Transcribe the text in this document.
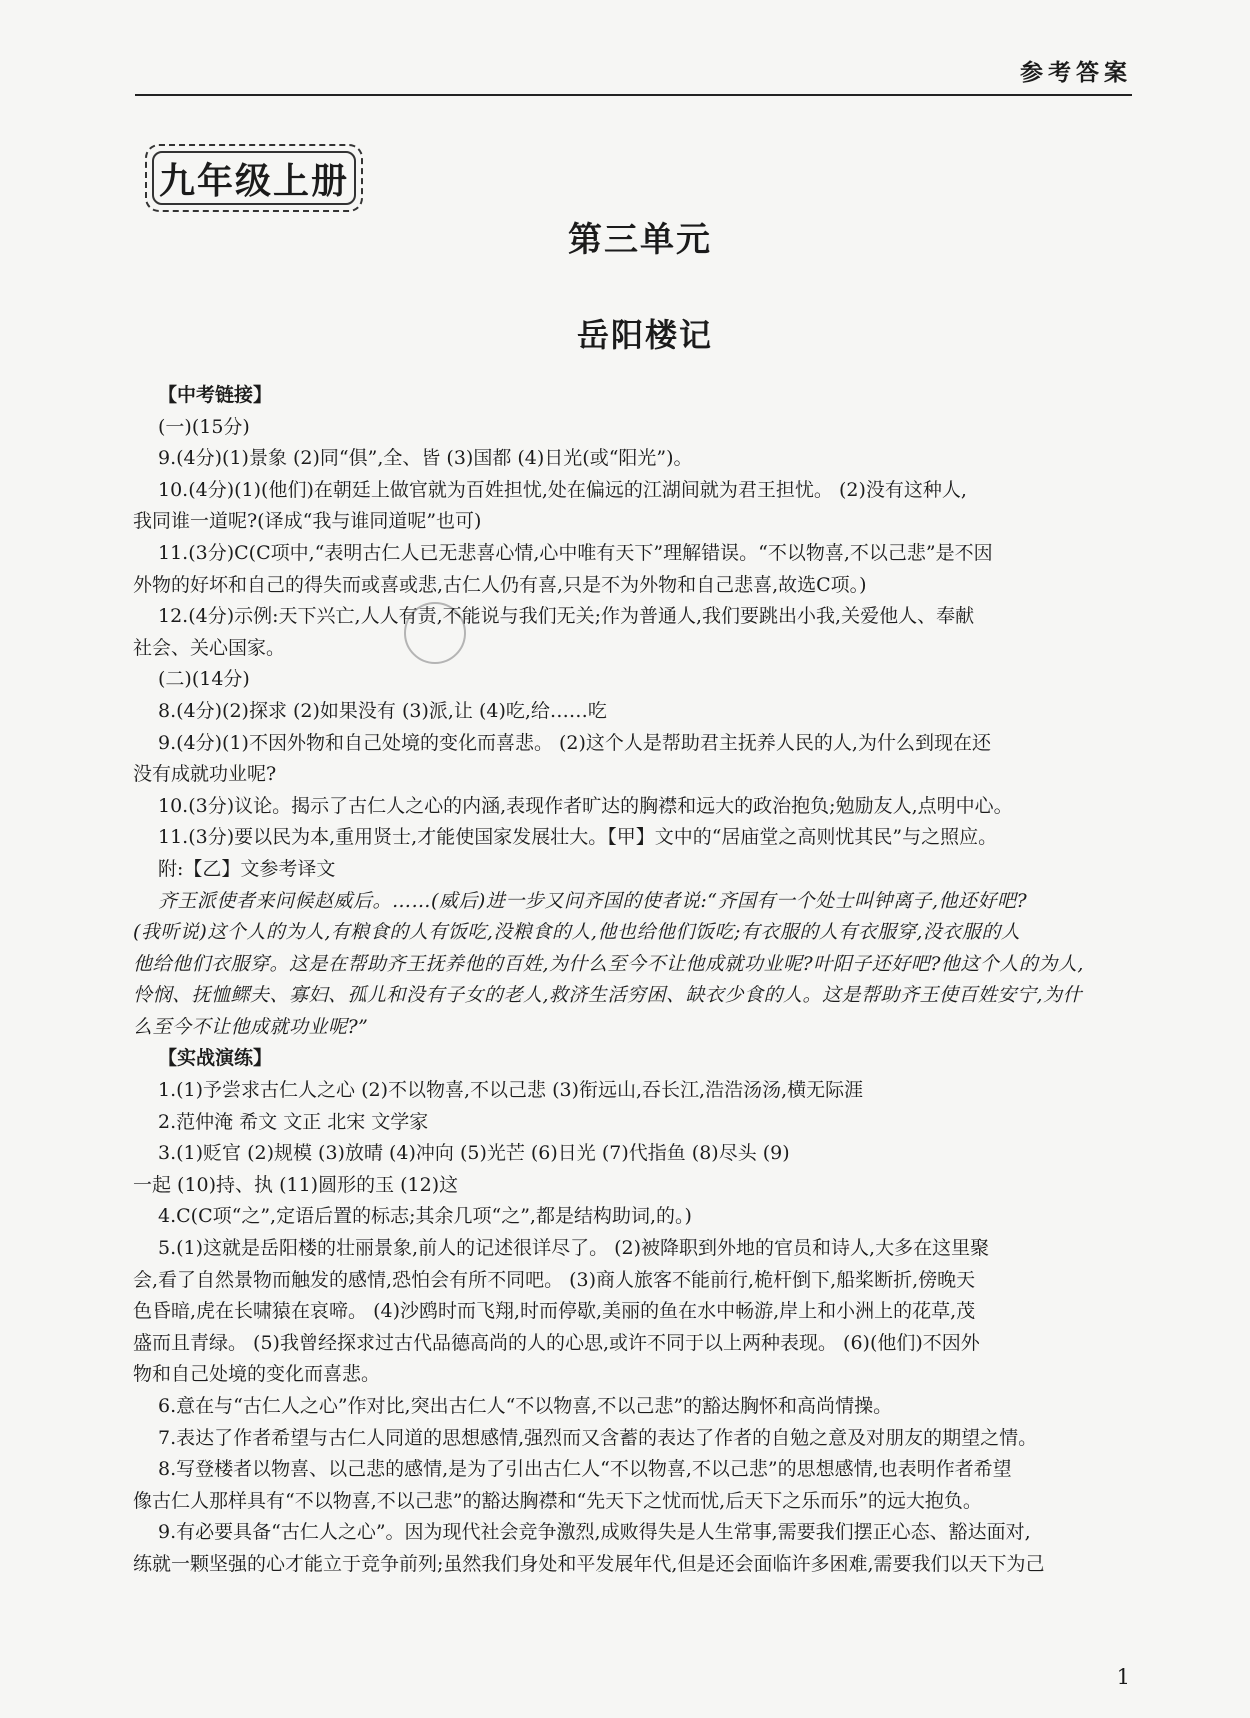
参考答案
九年级上册
第三单元
岳阳楼记
【中考链接】
(一)(15分)
9.(4分)(1)景象 (2)同“俱”,全、皆 (3)国都 (4)日光(或“阳光”)。
10.(4分)(1)(他们)在朝廷上做官就为百姓担忧,处在偏远的江湖间就为君王担忧。 (2)没有这种人,
我同谁一道呢?(译成“我与谁同道呢”也可)
11.(3分)C(C项中,“表明古仁人已无悲喜心情,心中唯有天下”理解错误。“不以物喜,不以己悲”是不因
外物的好坏和自己的得失而或喜或悲,古仁人仍有喜,只是不为外物和自己悲喜,故选C项。)
12.(4分)示例:天下兴亡,人人有责,不能说与我们无关;作为普通人,我们要跳出小我,关爱他人、奉献
社会、关心国家。
(二)(14分)
8.(4分)(2)探求 (2)如果没有 (3)派,让 (4)吃,给……吃
9.(4分)(1)不因外物和自己处境的变化而喜悲。 (2)这个人是帮助君主抚养人民的人,为什么到现在还
没有成就功业呢?
10.(3分)议论。揭示了古仁人之心的内涵,表现作者旷达的胸襟和远大的政治抱负;勉励友人,点明中心。
11.(3分)要以民为本,重用贤士,才能使国家发展壮大。【甲】文中的“居庙堂之高则忧其民”与之照应。
附:【乙】文参考译文
齐王派使者来问候赵威后。……(威后)进一步又问齐国的使者说:“齐国有一个处士叫钟离子,他还好吧?
(我听说)这个人的为人,有粮食的人有饭吃,没粮食的人,他也给他们饭吃;有衣服的人有衣服穿,没衣服的人
他给他们衣服穿。这是在帮助齐王抚养他的百姓,为什么至今不让他成就功业呢?叶阳子还好吧?他这个人的为人,
怜悯、抚恤鳏夫、寡妇、孤儿和没有子女的老人,救济生活穷困、缺衣少食的人。这是帮助齐王使百姓安宁,为什
么至今不让他成就功业呢?”
【实战演练】
1.(1)予尝求古仁人之心 (2)不以物喜,不以己悲 (3)衔远山,吞长江,浩浩汤汤,横无际涯
2.范仲淹 希文 文正 北宋 文学家
3.(1)贬官 (2)规模 (3)放晴 (4)冲向 (5)光芒 (6)日光 (7)代指鱼 (8)尽头 (9)
一起 (10)持、执 (11)圆形的玉 (12)这
4.C(C项“之”,定语后置的标志;其余几项“之”,都是结构助词,的。)
5.(1)这就是岳阳楼的壮丽景象,前人的记述很详尽了。 (2)被降职到外地的官员和诗人,大多在这里聚
会,看了自然景物而触发的感情,恐怕会有所不同吧。 (3)商人旅客不能前行,桅杆倒下,船桨断折,傍晚天
色昏暗,虎在长啸猿在哀啼。 (4)沙鸥时而飞翔,时而停歇,美丽的鱼在水中畅游,岸上和小洲上的花草,茂
盛而且青绿。 (5)我曾经探求过古代品德高尚的人的心思,或许不同于以上两种表现。 (6)(他们)不因外
物和自己处境的变化而喜悲。
6.意在与“古仁人之心”作对比,突出古仁人“不以物喜,不以己悲”的豁达胸怀和高尚情操。
7.表达了作者希望与古仁人同道的思想感情,强烈而又含蓄的表达了作者的自勉之意及对朋友的期望之情。
8.写登楼者以物喜、以己悲的感情,是为了引出古仁人“不以物喜,不以己悲”的思想感情,也表明作者希望
像古仁人那样具有“不以物喜,不以己悲”的豁达胸襟和“先天下之忧而忧,后天下之乐而乐”的远大抱负。
9.有必要具备“古仁人之心”。因为现代社会竞争激烈,成败得失是人生常事,需要我们摆正心态、豁达面对,
练就一颗坚强的心才能立于竞争前列;虽然我们身处和平发展年代,但是还会面临许多困难,需要我们以天下为己
1
